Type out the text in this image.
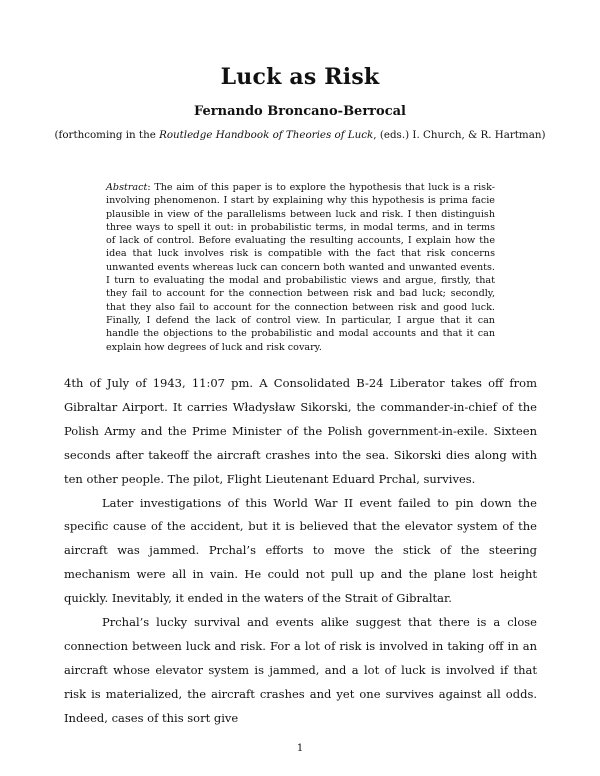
Luck as Risk
Fernando Broncano-Berrocal
(forthcoming in the Routledge Handbook of Theories of Luck, (eds.) I. Church, & R. Hartman)
Abstract: The aim of this paper is to explore the hypothesis that luck is a risk-involving phenomenon. I start by explaining why this hypothesis is prima facie plausible in view of the parallelisms between luck and risk. I then distinguish three ways to spell it out: in probabilistic terms, in modal terms, and in terms of lack of control. Before evaluating the resulting accounts, I explain how the idea that luck involves risk is compatible with the fact that risk concerns unwanted events whereas luck can concern both wanted and unwanted events. I turn to evaluating the modal and probabilistic views and argue, firstly, that they fail to account for the connection between risk and bad luck; secondly, that they also fail to account for the connection between risk and good luck. Finally, I defend the lack of control view. In particular, I argue that it can handle the objections to the probabilistic and modal accounts and that it can explain how degrees of luck and risk covary.

4th of July of 1943, 11:07 pm. A Consolidated B-24 Liberator takes off from Gibraltar Airport. It carries Władysław Sikorski, the commander-in-chief of the Polish Army and the Prime Minister of the Polish government-in-exile. Sixteen seconds after takeoff the aircraft crashes into the sea. Sikorski dies along with ten other people. The pilot, Flight Lieutenant Eduard Prchal, survives.

Later investigations of this World War II event failed to pin down the specific cause of the accident, but it is believed that the elevator system of the aircraft was jammed. Prchal’s efforts to move the stick of the steering mechanism were all in vain. He could not pull up and the plane lost height quickly. Inevitably, it ended in the waters of the Strait of Gibraltar.

Prchal’s lucky survival and events alike suggest that there is a close connection between luck and risk. For a lot of risk is involved in taking off in an aircraft whose elevator system is jammed, and a lot of luck is involved if that risk is materialized, the aircraft crashes and yet one survives against all odds. Indeed, cases of this sort give

1
